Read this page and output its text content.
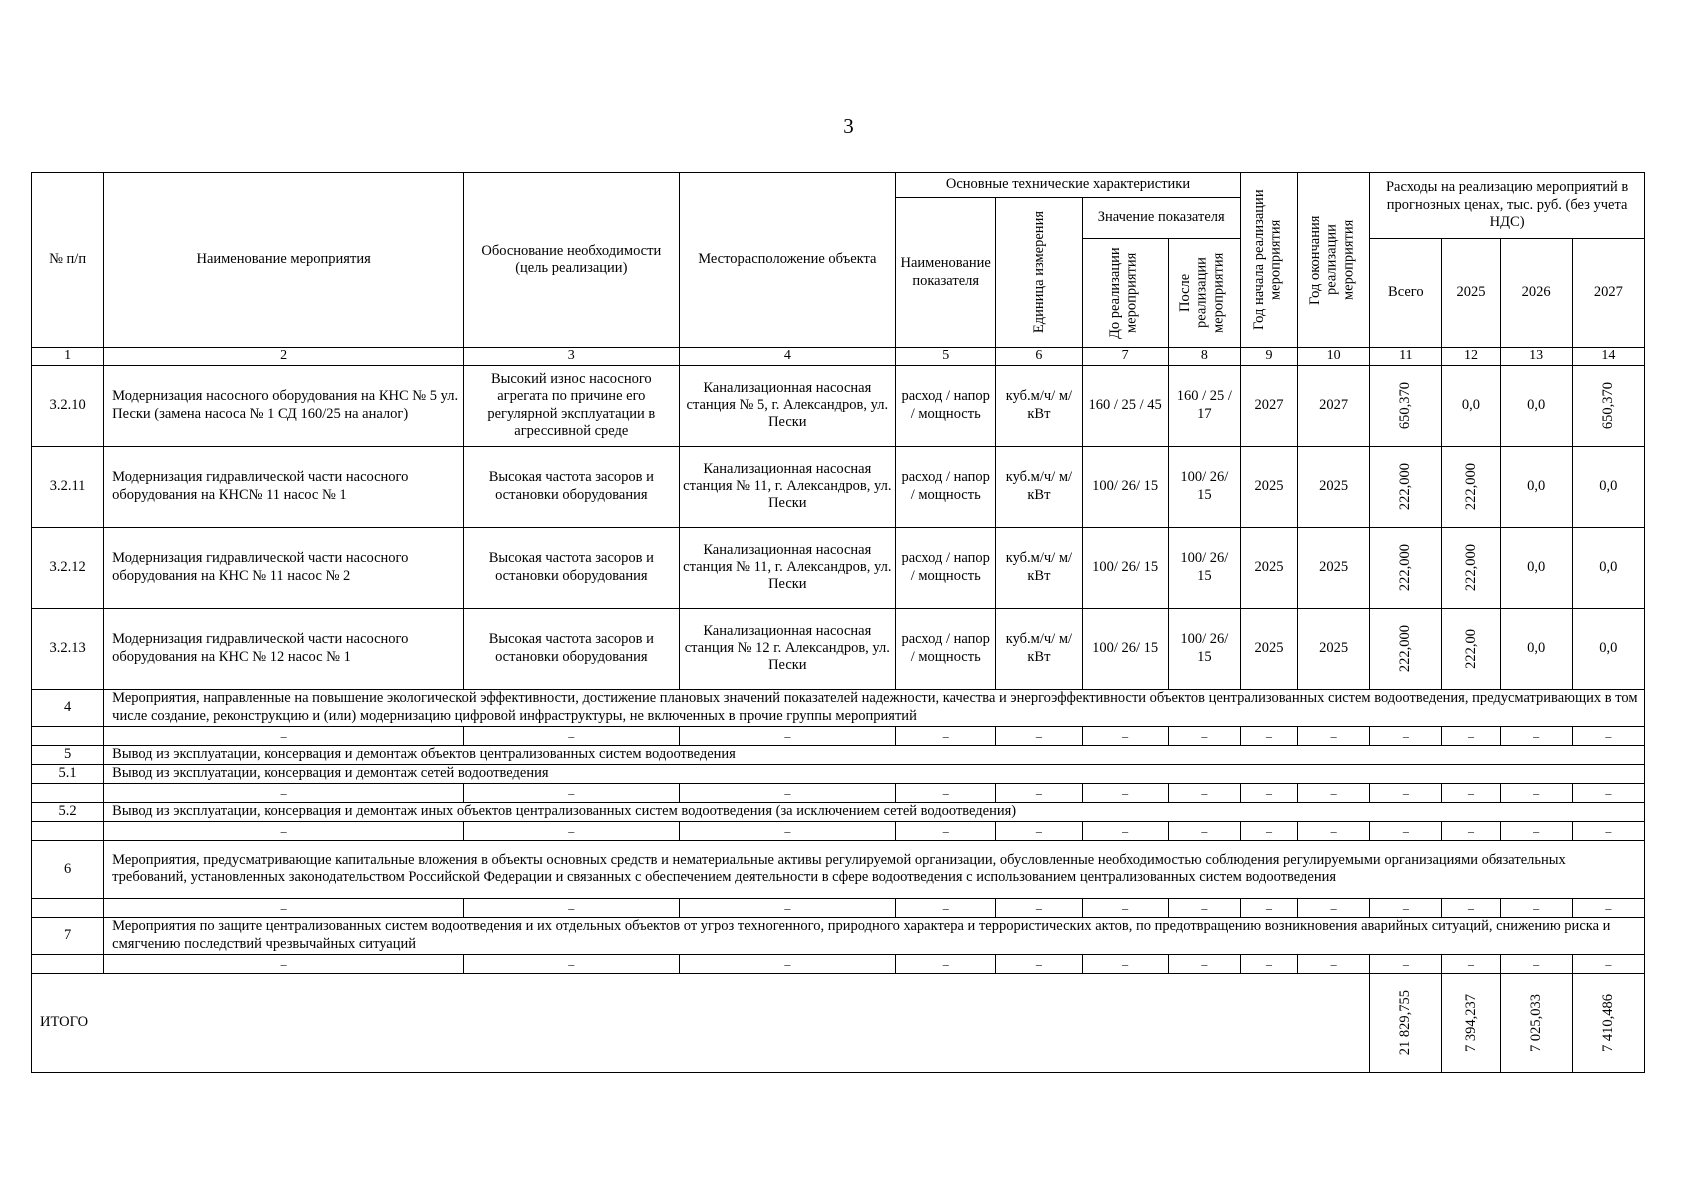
3
№ п/п	Наименование мероприятия	Обоснование необходимости (цель реализации)	Месторасположение объекта	Основные технические характеристики				Год начала реализации мероприятия	Год окончания реализации мероприятия	Расходы на реализацию мероприятий в прогнозных ценах, тыс. руб. (без учета НДС)			
				Наименование показателя	Единица измерения	Значение показателя							

						До реализации мероприятия	После реализации мероприятия			Всего	2025	2026	2027
1	2	3	4	5	6	7	8	9	10	11	12	13	14
3.2.10	Модернизация насосного оборудования на КНС № 5 ул. Пески (замена насоса № 1 СД 160/25 на аналог)	Высокий износ насосного агрегата по причине его регулярной эксплуатации в агрессивной среде	Канализационная насосная станция № 5, г. Александров, ул. Пески	расход / напор / мощность	куб.м/ч/ м/ кВт	160 / 25 / 45	160 / 25 / 17	2027	2027	650,370	0,0	0,0	650,370

3.2.11	Модернизация гидравлической части насосного оборудования на КНС№ 11 насос № 1	Высокая частота засоров и остановки оборудования	Канализационная насосная станция № 11, г. Александров, ул. Пески	расход / напор / мощность	куб.м/ч/ м/ кВт	100/ 26/ 15	100/ 26/ 15	2025	2025	222,000	222,000	0,0	0,0
3.2.12	Модернизация гидравлической части насосного оборудования на КНС № 11 насос № 2	Высокая частота засоров и остановки оборудования	Канализационная насосная станция № 11, г. Александров, ул. Пески	расход / напор / мощность	куб.м/ч/ м/ кВт	100/ 26/ 15	100/ 26/ 15	2025	2025	222,000	222,000	0,0	0,0
3.2.13	Модернизация гидравлической части насосного оборудования на КНС № 12 насос № 1	Высокая частота засоров и остановки оборудования	Канализационная насосная станция № 12 г. Александров, ул. Пески	расход / напор / мощность	куб.м/ч/ м/ кВт	100/ 26/ 15	100/ 26/ 15	2025	2025	222,000	222,00	0,0	0,0
4	Мероприятия, направленные на повышение экологической эффективности, достижение плановых значений показателей надежности, качества и энергоэффективности объектов централизованных систем водоотведения, предусматривающих в том числе создание, реконструкцию и (или) модернизацию цифровой инфраструктуры, не включенных в прочие группы мероприятий												
	–	–	–	–	–	–	–	–	–	–	–	–	–
5	Вывод из эксплуатации, консервация и демонтаж объектов централизованных систем водоотведения												
5.1	Вывод из эксплуатации, консервация и демонтаж сетей водоотведения												
	–	–	–	–	–	–	–	–	–	–	–	–	–
5.2	Вывод из эксплуатации, консервация и демонтаж иных объектов централизованных систем водоотведения (за исключением сетей водоотведения)												
	–	–	–	–	–	–	–	–	–	–	–	–	–
6	Мероприятия, предусматривающие капитальные вложения в объекты основных средств и нематериальные активы регулируемой организации, обусловленные необходимостью соблюдения регулируемыми организациями обязательных требований, установленных законодательством Российской Федерации и связанных с обеспечением деятельности в сфере водоотведения с использованием централизованных систем водоотведения												
	–	–	–	–	–	–	–	–	–	–	–	–	–
7	Мероприятия по защите централизованных систем водоотведения и их отдельных объектов от угроз техногенного, природного характера и террористических актов, по предотвращению возникновения аварийных ситуаций, снижению риска и смягчению последствий чрезвычайных ситуаций												
	–	–	–	–	–	–	–	–	–	–	–	–	–
ИТОГО										21 829,755	7 394,237	7 025,033	7 410,486
